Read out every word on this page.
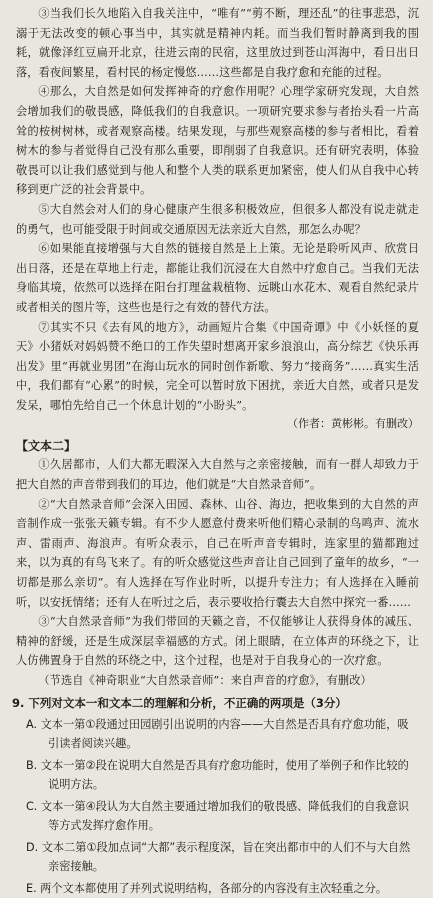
③当我们长久地陷入自我关注中，“唯有”“剪不断，理还乱”的往事悲恐，沉溺于无法改变的顿心事当中，其实就是精神内耗。而当我们暂时静离到我的围耗，就像泽红豆扁开北京，往进云南的民宿，这里放过到苍山洱海中，看日出日落，看夜间繁星，看村民的杨定慢悠……这些都是自我疗愈和充能的过程。

④那么，大自然是如何发挥神奇的疗愈作用呢？心理学家研究发现，大自然会增加我们的敬畏感，降低我们的自我意识。一项研究要求参与者抬头看一片高耸的桉树树林，或者观察高楼。结果发现，与那些观察高楼的参与者相比，看着树木的参与者觉得自己没有那么重要，即削弱了自我意识。还有研究表明，体验敬畏可以让我们感觉到与他人和整个人类的联系更加紧密，使人们从自我中心转移到更广泛的社会背景中。

⑤大自然会对人们的身心健康产生很多积极效应，但很多人都没有说走就走的勇气，也可能受限于时间或交通原因无法亲近大自然，那怎么办呢？

⑥如果能直接增强与大自然的链接自然是上上策。无论是聆听风声、欣赏日出日落，还是在草地上行走，都能让我们沉浸在大自然中疗愈自己。当我们无法身临其境，依然可以选择在阳台打理盆栽植物、远眺山水花木、观看自然纪录片或者相关的图片等，这些也是行之有效的替代方法。

⑦其实不只《去有风的地方》，动画短片合集《中国奇谭》中《小妖怪的夏天》小猪妖对妈妈赞不绝口的工作失望时想离开家乡浪浪山，高分综艺《快乐再出发》里“再就业男团”在海山玩水的同时创作新歌、努力“接商务”……真实生活中，我们都有“心累”的时候，完全可以暂时放下困扰，亲近大自然，或者只是发发呆，哪怕先给自己一个休息计划的“小盼头”。

（作者：黄彬彬。有删改）

【文本二】

①久居都市，人们大都无暇深入大自然与之亲密接触，而有一群人却致力于把大自然的声音带到我们的耳边，他们就是“大自然录音师”。

②“大自然录音师”会深入田园、森林、山谷、海边，把收集到的大自然的声音制作成一张张天籁专辑。有不少人愿意付费来听他们精心录制的鸟鸣声、流水声、雷雨声、海浪声。有听众表示，自己在听声音专辑时，连家里的猫都跑过来，以为真的有鸟飞来了。有的听众感觉这些声音让自己回到了童年的故乡，“一切都是那么亲切”。有人选择在写作业时听，以提升专注力；有人选择在入睡前听，以安抚情绪；还有人在听过之后，表示要收拾行囊去大自然中探究一番……

③“大自然录音师”为我们带回的天籁之音，不仅能够让人获得身体的减压、精神的舒缓，还是生成深层幸福感的方式。闭上眼睛，在立体声的环绕之下，让人仿佛置身于自然的环绕之中，这个过程，也是对于自我身心的一次疗愈。

（节选自《神奇职业“大自然录音师”：来自声音的疗愈》，有删改）

9. 下列对文本一和文本二的理解和分析，不正确的两项是（3分）

A. 文本一第①段通过田园剧引出说明的内容——大自然是否具有疗愈功能，吸引读者阅读兴趣。

B. 文本一第②段在说明大自然是否具有疗愈功能时，使用了举例子和作比较的说明方法。

C. 文本一第④段认为大自然主要通过增加我们的敬畏感、降低我们的自我意识等方式发挥疗愈作用。

D. 文本二第①段加点词“大都”表示程度深，旨在突出都市中的人们不与大自然亲密接触。

E. 两个文本都使用了并列式说明结构，各部分的内容没有主次轻重之分。
